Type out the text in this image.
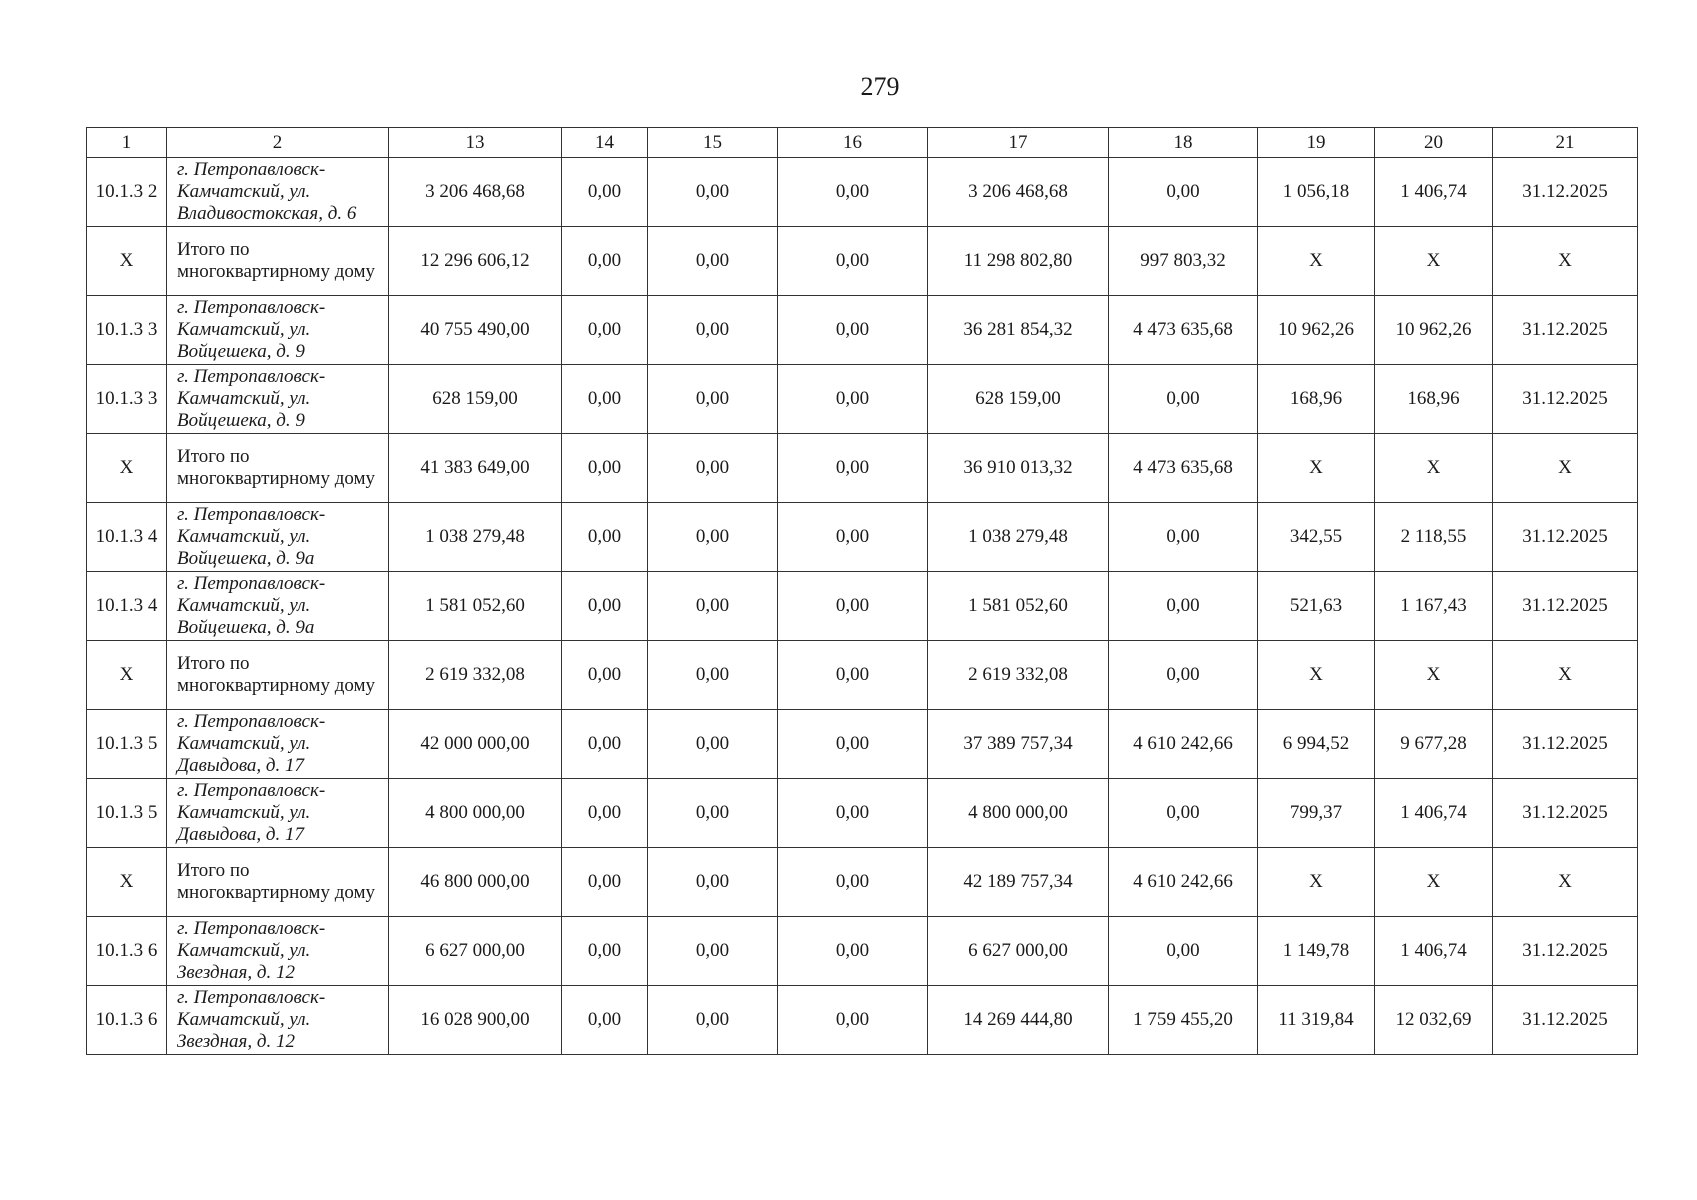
279
1	2	13	14	15	16	17	18	19	20	21
10.1.3 2	г. Петропавловск-Камчатский, ул. Владивостокская, д. 6	3 206 468,68	0,00	0,00	0,00	3 206 468,68	0,00	1 056,18	1 406,74	31.12.2025
Х	Итого по многоквартирному дому	12 296 606,12	0,00	0,00	0,00	11 298 802,80	997 803,32	Х	Х	Х
10.1.3 3	г. Петропавловск-Камчатский, ул. Войцешека, д. 9	40 755 490,00	0,00	0,00	0,00	36 281 854,32	4 473 635,68	10 962,26	10 962,26	31.12.2025
10.1.3 3	г. Петропавловск-Камчатский, ул. Войцешека, д. 9	628 159,00	0,00	0,00	0,00	628 159,00	0,00	168,96	168,96	31.12.2025
Х	Итого по многоквартирному дому	41 383 649,00	0,00	0,00	0,00	36 910 013,32	4 473 635,68	Х	Х	Х
10.1.3 4	г. Петропавловск-Камчатский, ул. Войцешека, д. 9а	1 038 279,48	0,00	0,00	0,00	1 038 279,48	0,00	342,55	2 118,55	31.12.2025
10.1.3 4	г. Петропавловск-Камчатский, ул. Войцешека, д. 9а	1 581 052,60	0,00	0,00	0,00	1 581 052,60	0,00	521,63	1 167,43	31.12.2025
Х	Итого по многоквартирному дому	2 619 332,08	0,00	0,00	0,00	2 619 332,08	0,00	Х	Х	Х
10.1.3 5	г. Петропавловск-Камчатский, ул. Давыдова, д. 17	42 000 000,00	0,00	0,00	0,00	37 389 757,34	4 610 242,66	6 994,52	9 677,28	31.12.2025
10.1.3 5	г. Петропавловск-Камчатский, ул. Давыдова, д. 17	4 800 000,00	0,00	0,00	0,00	4 800 000,00	0,00	799,37	1 406,74	31.12.2025
Х	Итого по многоквартирному дому	46 800 000,00	0,00	0,00	0,00	42 189 757,34	4 610 242,66	Х	Х	Х
10.1.3 6	г. Петропавловск-Камчатский, ул. Звездная, д. 12	6 627 000,00	0,00	0,00	0,00	6 627 000,00	0,00	1 149,78	1 406,74	31.12.2025
10.1.3 6	г. Петропавловск-Камчатский, ул. Звездная, д. 12	16 028 900,00	0,00	0,00	0,00	14 269 444,80	1 759 455,20	11 319,84	12 032,69	31.12.2025
